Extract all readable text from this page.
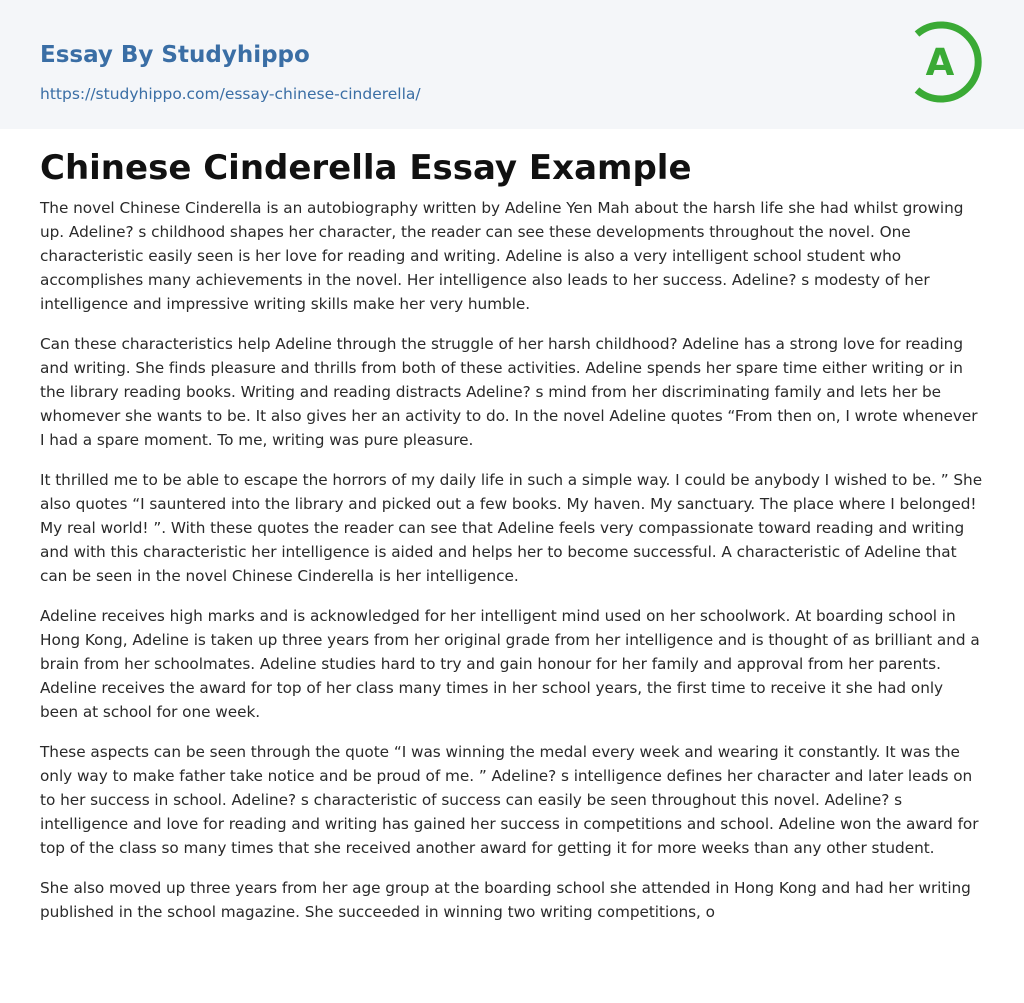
Essay By Studyhippo
https://studyhippo.com/essay-chinese-cinderella/
A
Chinese Cinderella Essay Example

The novel Chinese Cinderella is an autobiography written by Adeline Yen Mah about the harsh life she had whilst growing up. Adeline? s childhood shapes her character, the reader can see these developments throughout the novel. One characteristic easily seen is her love for reading and writing. Adeline is also a very intelligent school student who accomplishes many achievements in the novel. Her intelligence also leads to her success. Adeline? s modesty of her intelligence and impressive writing skills make her very humble.

Can these characteristics help Adeline through the struggle of her harsh childhood? Adeline has a strong love for reading and writing. She finds pleasure and thrills from both of these activities. Adeline spends her spare time either writing or in the library reading books. Writing and reading distracts Adeline? s mind from her discriminating family and lets her be whomever she wants to be. It also gives her an activity to do. In the novel Adeline quotes “From then on, I wrote whenever I had a spare moment. To me, writing was pure pleasure.

It thrilled me to be able to escape the horrors of my daily life in such a simple way. I could be anybody I wished to be. ” She also quotes “I sauntered into the library and picked out a few books. My haven. My sanctuary. The place where I belonged! My real world! ”. With these quotes the reader can see that Adeline feels very compassionate toward reading and writing and with this characteristic her intelligence is aided and helps her to become successful. A characteristic of Adeline that can be seen in the novel Chinese Cinderella is her intelligence.

Adeline receives high marks and is acknowledged for her intelligent mind used on her schoolwork. At boarding school in Hong Kong, Adeline is taken up three years from her original grade from her intelligence and is thought of as brilliant and a brain from her schoolmates. Adeline studies hard to try and gain honour for her family and approval from her parents. Adeline receives the award for top of her class many times in her school years, the first time to receive it she had only been at school for one week.

These aspects can be seen through the quote “I was winning the medal every week and wearing it constantly. It was the only way to make father take notice and be proud of me. ” Adeline? s intelligence defines her character and later leads on to her success in school. Adeline? s characteristic of success can easily be seen throughout this novel. Adeline? s intelligence and love for reading and writing has gained her success in competitions and school. Adeline won the award for top of the class so many times that she received another award for getting it for more weeks than any other student.

She also moved up three years from her age group at the boarding school she attended in Hong Kong and had her writing published in the school magazine. She succeeded in winning two writing competitions, o
